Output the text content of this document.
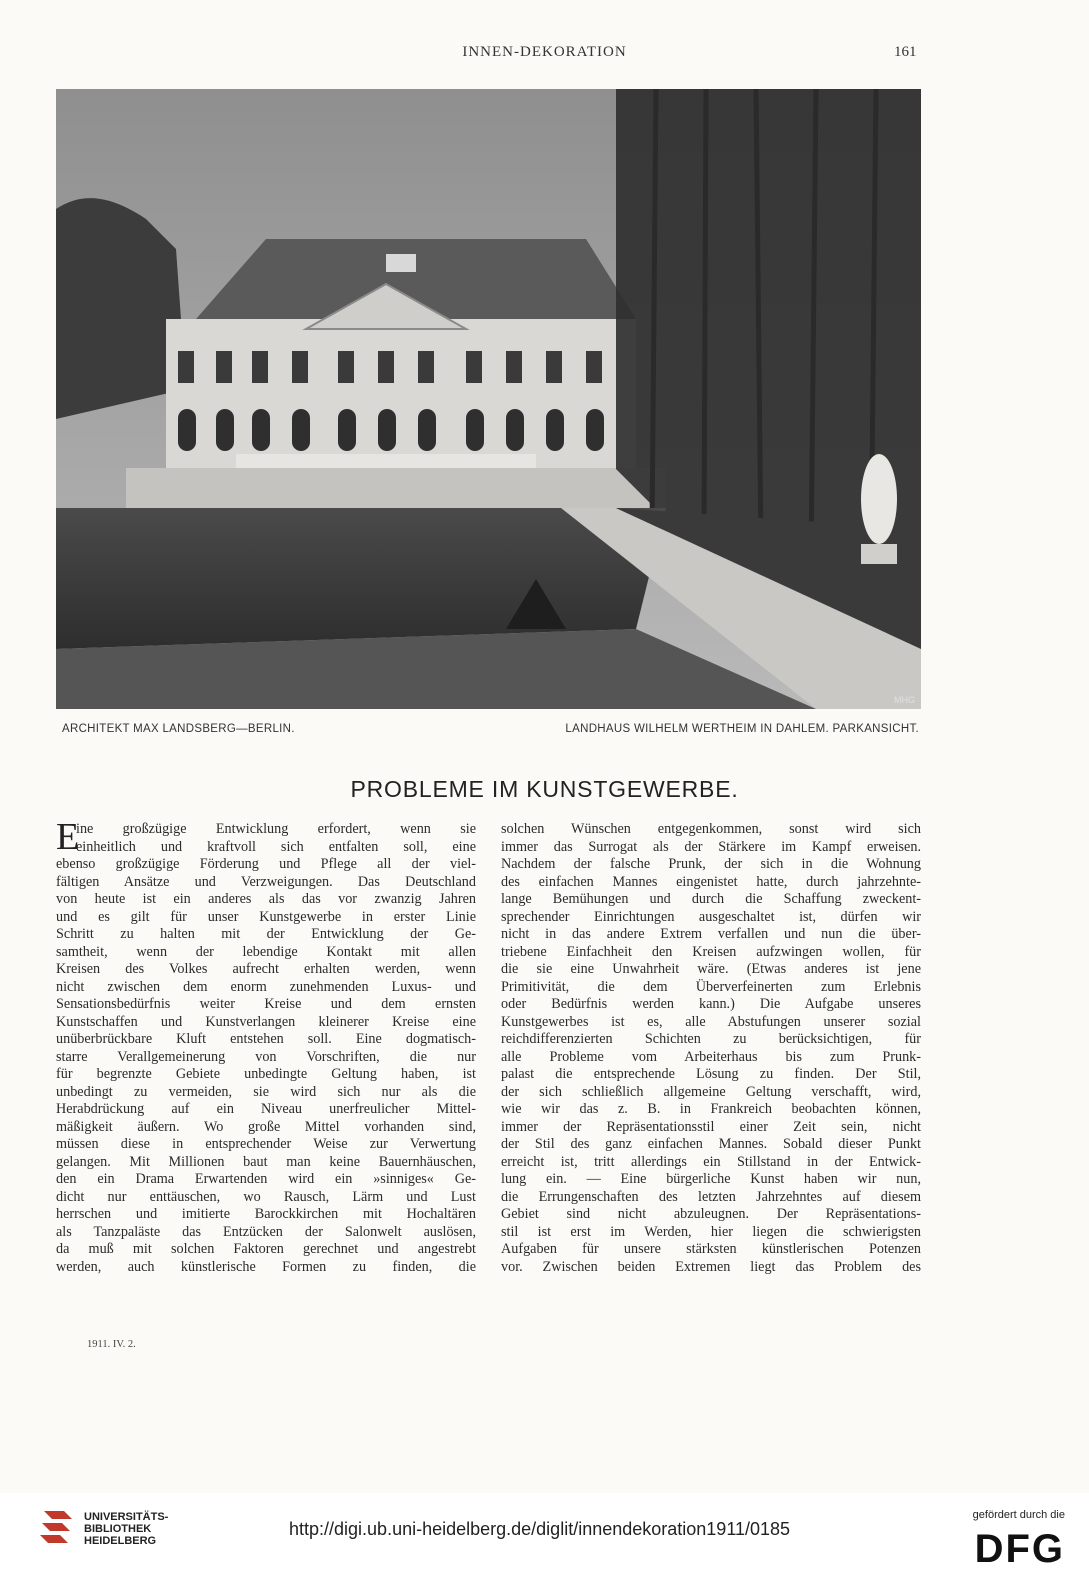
INNEN-DEKORATION	161
MHG
ARCHITEKT MAX LANDSBERG—BERLIN.	LANDHAUS WILHELM WERTHEIM IN DAHLEM. PARKANSICHT.
PROBLEME IM KUNSTGEWERBE.
E
ine großzügige Entwicklung erfordert, wenn sie
einheitlich und kraftvoll sich entfalten soll, eine
ebenso großzügige Förderung und Pflege all der viel-
fältigen Ansätze und Verzweigungen. Das Deutschland
von heute ist ein anderes als das vor zwanzig Jahren
und es gilt für unser Kunstgewerbe in erster Linie
Schritt zu halten mit der Entwicklung der Ge-
samtheit, wenn der lebendige Kontakt mit allen
Kreisen des Volkes aufrecht erhalten werden, wenn
nicht zwischen dem enorm zunehmenden Luxus- und
Sensationsbedürfnis weiter Kreise und dem ernsten
Kunstschaffen und Kunstverlangen kleinerer Kreise eine
unüberbrückbare Kluft entstehen soll. Eine dogmatisch-
starre Verallgemeinerung von Vorschriften, die nur
für begrenzte Gebiete unbedingte Geltung haben, ist
unbedingt zu vermeiden, sie wird sich nur als die
Herabdrückung auf ein Niveau unerfreulicher Mittel-
mäßigkeit äußern. Wo große Mittel vorhanden sind,
müssen diese in entsprechender Weise zur Verwertung
gelangen. Mit Millionen baut man keine Bauernhäuschen,
den ein Drama Erwartenden wird ein »sinniges« Ge-
dicht nur enttäuschen, wo Rausch, Lärm und Lust
herrschen und imitierte Barockkirchen mit Hochaltären
als Tanzpaläste das Entzücken der Salonwelt auslösen,
da muß mit solchen Faktoren gerechnet und angestrebt
werden, auch künstlerische Formen zu finden, die
solchen Wünschen entgegenkommen, sonst wird sich
immer das Surrogat als der Stärkere im Kampf erweisen.
Nachdem der falsche Prunk, der sich in die Wohnung
des einfachen Mannes eingenistet hatte, durch jahrzehnte-
lange Bemühungen und durch die Schaffung zweckent-
sprechender Einrichtungen ausgeschaltet ist, dürfen wir
nicht in das andere Extrem verfallen und nun die über-
triebene Einfachheit den Kreisen aufzwingen wollen, für
die sie eine Unwahrheit wäre. (Etwas anderes ist jene
Primitivität, die dem Überverfeinerten zum Erlebnis
oder Bedürfnis werden kann.) Die Aufgabe unseres
Kunstgewerbes ist es, alle Abstufungen unserer sozial
reichdifferenzierten Schichten zu berücksichtigen, für
alle Probleme vom Arbeiterhaus bis zum Prunk-
palast die entsprechende Lösung zu finden. Der Stil,
der sich schließlich allgemeine Geltung verschafft, wird,
wie wir das z. B. in Frankreich beobachten können,
immer der Repräsentationsstil einer Zeit sein, nicht
der Stil des ganz einfachen Mannes. Sobald dieser Punkt
erreicht ist, tritt allerdings ein Stillstand in der Entwick-
lung ein. — Eine bürgerliche Kunst haben wir nun,
die Errungenschaften des letzten Jahrzehntes auf diesem
Gebiet sind nicht abzuleugnen. Der Repräsentations-
stil ist erst im Werden, hier liegen die schwierigsten
Aufgaben für unsere stärksten künstlerischen Potenzen
vor. Zwischen beiden Extremen liegt das Problem des
1911. IV. 2.
UNIVERSITÄTS-
BIBLIOTHEK
HEIDELBERG
http://digi.ub.uni-heidelberg.de/diglit/innendekoration1911/0185
gefördert durch die
DFG
